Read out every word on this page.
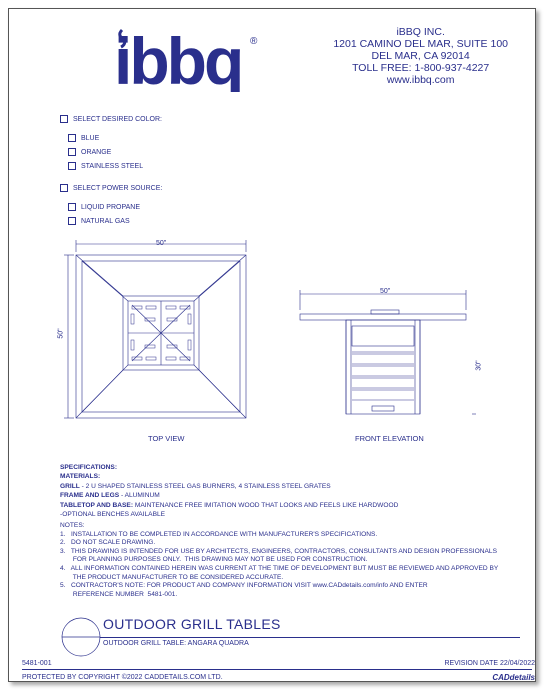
ibbq ®
iBBQ INC.
1201 CAMINO DEL MAR, SUITE 100
DEL MAR, CA 92014
TOLL FREE: 1-800-937-4227
www.ibbq.com
SELECT DESIRED COLOR:
BLUE
ORANGE
STAINLESS STEEL
SELECT POWER SOURCE:
LIQUID PROPANE
NATURAL GAS
50"
50"
TOP VIEW
50"
30"
FRONT ELEVATION
SPECIFICATIONS:
MATERIALS:
GRILL - 2 U SHAPED STAINLESS STEEL GAS BURNERS, 4 STAINLESS STEEL GRATES
FRAME AND LEGS - ALUMINUM
TABLETOP AND BASE: MAINTENANCE FREE IMITATION WOOD THAT LOOKS AND FEELS LIKE HARDWOOD
-OPTIONAL BENCHES AVAILABLE
NOTES:
1.   INSTALLATION TO BE COMPLETED IN ACCORDANCE WITH MANUFACTURER'S SPECIFICATIONS.
2.   DO NOT SCALE DRAWING.
3.   THIS DRAWING IS INTENDED FOR USE BY ARCHITECTS, ENGINEERS, CONTRACTORS, CONSULTANTS AND DESIGN PROFESSIONALS
FOR PLANNING PURPOSES ONLY.  THIS DRAWING MAY NOT BE USED FOR CONSTRUCTION.
4.   ALL INFORMATION CONTAINED HEREIN WAS CURRENT AT THE TIME OF DEVELOPMENT BUT MUST BE REVIEWED AND APPROVED BY
THE PRODUCT MANUFACTURER TO BE CONSIDERED ACCURATE.
5.   CONTRACTOR'S NOTE: FOR PRODUCT AND COMPANY INFORMATION VISIT www.CADdetails.com/info AND ENTER
REFERENCE NUMBER  5481-001.
OUTDOOR GRILL TABLES
OUTDOOR GRILL TABLE: ANGARA QUADRA
5481-001	REVISION DATE 22/04/2022
PROTECTED BY COPYRIGHT ©2022 CADDETAILS.COM LTD.	CADdetails
